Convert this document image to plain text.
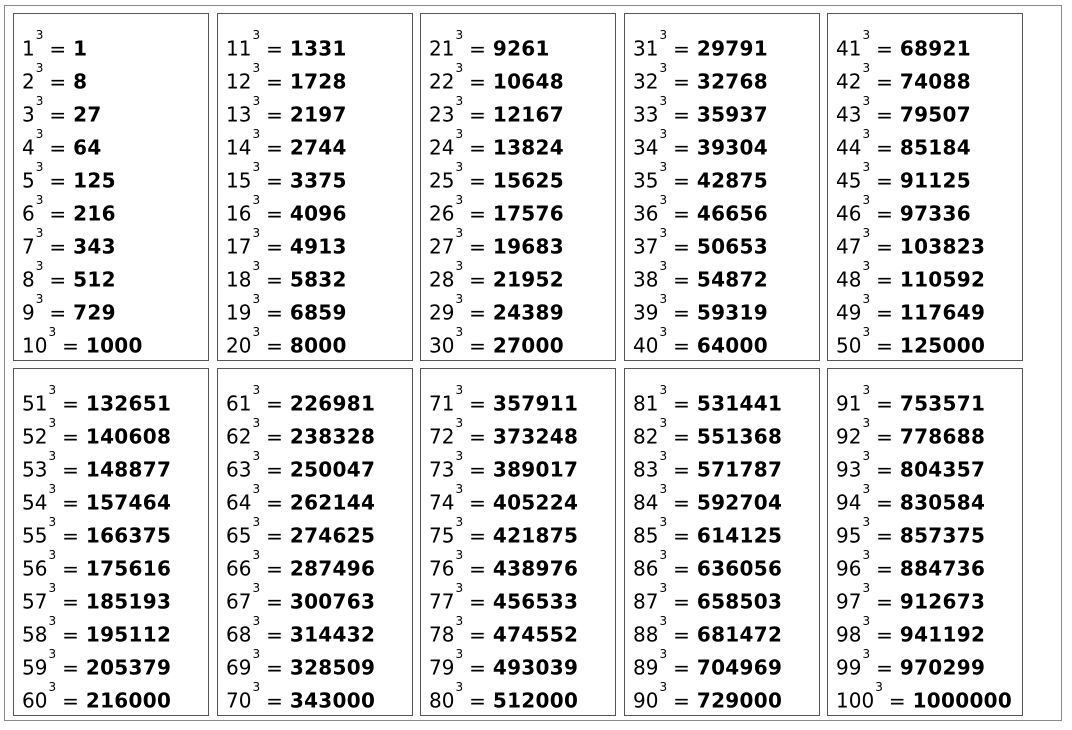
$1^3= 1$
$2^3= 8$
$3^3= 27$
$4^3= 64$
$5^3= 125$
$6^3= 216$
$7^3= 343$
$8^3= 512$
$9^3= 729$
$10^3= 1000$
$11^3= 1331$
$12^3= 1728$
$13^3= 2197$
$14^3= 2744$
$15^3= 3375$
$16^3= 4096$
$17^3= 4913$
$18^3= 5832$
$19^3= 6859$
$20^3= 8000$
$21^3= 9261$
$22^3= 10648$
$23^3= 12167$
$24^3= 13824$
$25^3= 15625$
$26^3= 17576$
$27^3= 19683$
$28^3= 21952$
$29^3= 24389$
$30^3= 27000$
$31^3= 29791$
$32^3= 32768$
$33^3= 35937$
$34^3= 39304$
$35^3= 42875$
$36^3= 46656$
$37^3= 50653$
$38^3= 54872$
$39^3= 59319$
$40^3= 64000$
$41^3= 68921$
$42^3= 74088$
$43^3= 79507$
$44^3= 85184$
$45^3= 91125$
$46^3= 97336$
$47^3= 103823$
$48^3= 110592$
$49^3= 117649$
$50^3= 125000$
$51^3= 132651$
$52^3= 140608$
$53^3= 148877$
$54^3= 157464$
$55^3= 166375$
$56^3= 175616$
$57^3= 185193$
$58^3= 195112$
$59^3= 205379$
$60^3= 216000$
$61^3= 226981$
$62^3= 238328$
$63^3= 250047$
$64^3= 262144$
$65^3= 274625$
$66^3= 287496$
$67^3= 300763$
$68^3= 314432$
$69^3= 328509$
$70^3= 343000$
$71^3= 357911$
$72^3= 373248$
$73^3= 389017$
$74^3= 405224$
$75^3= 421875$
$76^3= 438976$
$77^3= 456533$
$78^3= 474552$
$79^3= 493039$
$80^3= 512000$
$81^3= 531441$
$82^3= 551368$
$83^3= 571787$
$84^3= 592704$
$85^3= 614125$
$86^3= 636056$
$87^3= 658503$
$88^3= 681472$
$89^3= 704969$
$90^3= 729000$
$91^3= 753571$
$92^3= 778688$
$93^3= 804357$
$94^3= 830584$
$95^3= 857375$
$96^3= 884736$
$97^3= 912673$
$98^3= 941192$
$99^3= 970299$
$100^3= 1000000$
